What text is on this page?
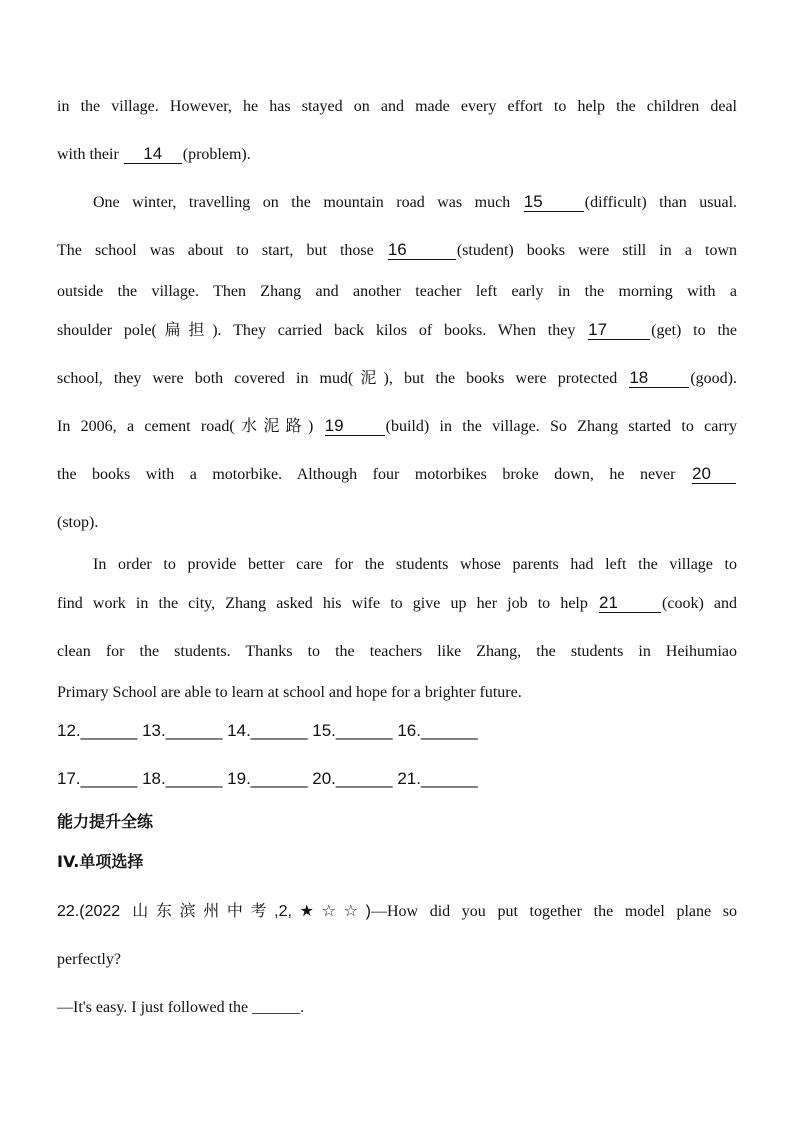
in the village. However, he has stayed on and made every effort to help the children deal
with their 14 (problem).
One winter, travelling on the mountain road was much 15	(difficult) than usual.
The school was about to start, but those 16	(student) books were still in a town
outside the village. Then Zhang and another teacher left early in the morning with a
shoulder pole(扁担). They carried back kilos of books. When they 17	(get) to the
school, they were both covered in mud(泥), but the books were protected 18	(good).
In 2006, a cement road(水泥路) 19	(build) in the village. So Zhang started to carry
the books with a motorbike. Although four motorbikes broke down, he never 20
(stop).
In order to provide better care for the students whose parents had left the village to
find work in the city, Zhang asked his wife to give up her job to help 21	(cook) and
clean for the students. Thanks to the teachers like Zhang, the students in Heihumiao
Primary School are able to learn at school and hope for a brighter future.
12.______ 13.______ 14.______ 15.______ 16.______
17.______ 18.______ 19.______ 20.______ 21.______
能力提升全练
IV.单项选择
22.(2022 山东滨州中考,2,★☆☆)—How did you put together the model plane so
perfectly?
—It's easy. I just followed the ______.
